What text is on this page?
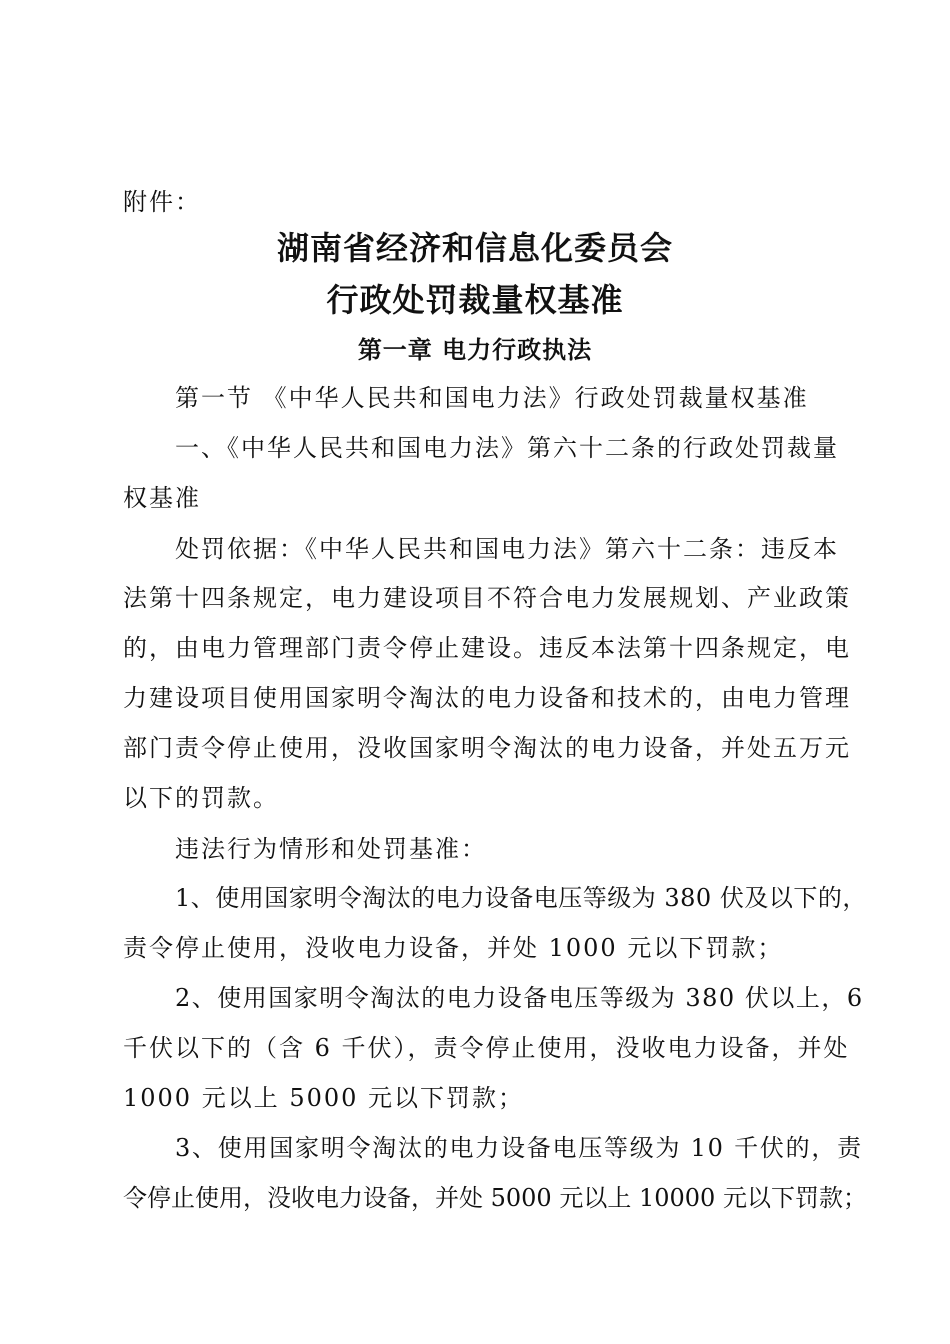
附件：
湖南省经济和信息化委员会
行政处罚裁量权基准
第一章 电力行政执法
第一节 《中华人民共和国电力法》行政处罚裁量权基准
一、《中华人民共和国电力法》第六十二条的行政处罚裁量
权基准
处罚依据：《中华人民共和国电力法》第六十二条：违反本
法第十四条规定，电力建设项目不符合电力发展规划、产业政策
的，由电力管理部门责令停止建设。违反本法第十四条规定，电
力建设项目使用国家明令淘汰的电力设备和技术的，由电力管理
部门责令停止使用，没收国家明令淘汰的电力设备，并处五万元
以下的罚款。
违法行为情形和处罚基准：
1、使用国家明令淘汰的电力设备电压等级为 380 伏及以下的，
责令停止使用，没收电力设备，并处 1000 元以下罚款；
2、使用国家明令淘汰的电力设备电压等级为 380 伏以上，6
千伏以下的（含 6 千伏），责令停止使用，没收电力设备，并处
1000 元以上 5000 元以下罚款；
3、使用国家明令淘汰的电力设备电压等级为 10 千伏的，责
令停止使用，没收电力设备，并处 5000 元以上 10000 元以下罚款；
